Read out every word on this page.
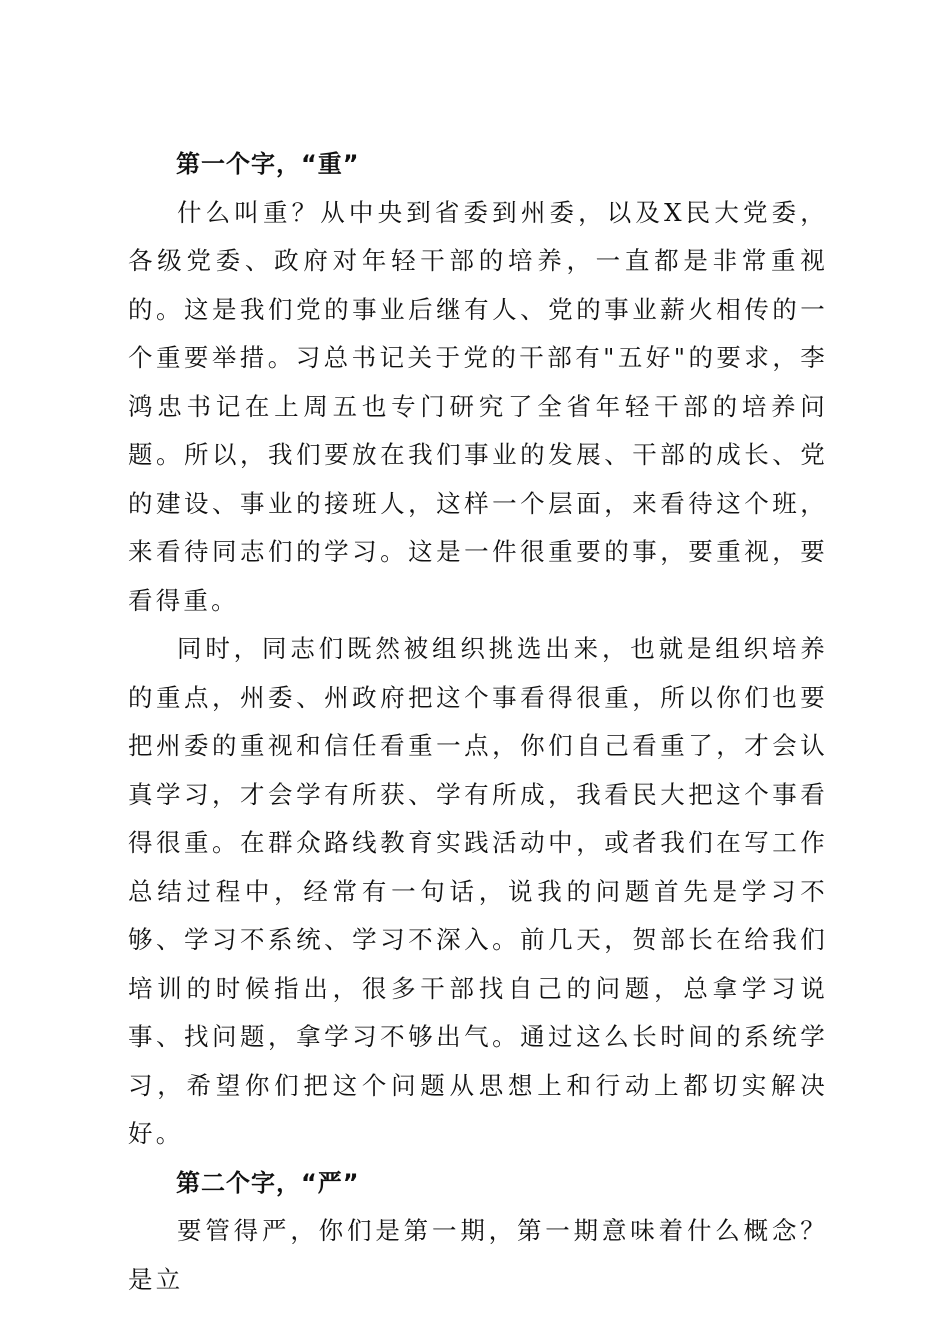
第一个字，“重”

什么叫重？从中央到省委到州委，以及X民大党委，各级党委、政府对年轻干部的培养，一直都是非常重视的。这是我们党的事业后继有人、党的事业薪火相传的一个重要举措。习总书记关于党的干部有"五好"的要求，李鸿忠书记在上周五也专门研究了全省年轻干部的培养问题。所以，我们要放在我们事业的发展、干部的成长、党的建设、事业的接班人，这样一个层面，来看待这个班，来看待同志们的学习。这是一件很重要的事，要重视，要看得重。

同时，同志们既然被组织挑选出来，也就是组织培养的重点，州委、州政府把这个事看得很重，所以你们也要把州委的重视和信任看重一点，你们自己看重了，才会认真学习，才会学有所获、学有所成，我看民大把这个事看得很重。在群众路线教育实践活动中，或者我们在写工作总结过程中，经常有一句话，说我的问题首先是学习不够、学习不系统、学习不深入。前几天，贺部长在给我们培训的时候指出，很多干部找自己的问题，总拿学习说事、找问题，拿学习不够出气。通过这么长时间的系统学习，希望你们把这个问题从思想上和行动上都切实解决好。

第二个字，“严”

要管得严，你们是第一期，第一期意味着什么概念？是立
